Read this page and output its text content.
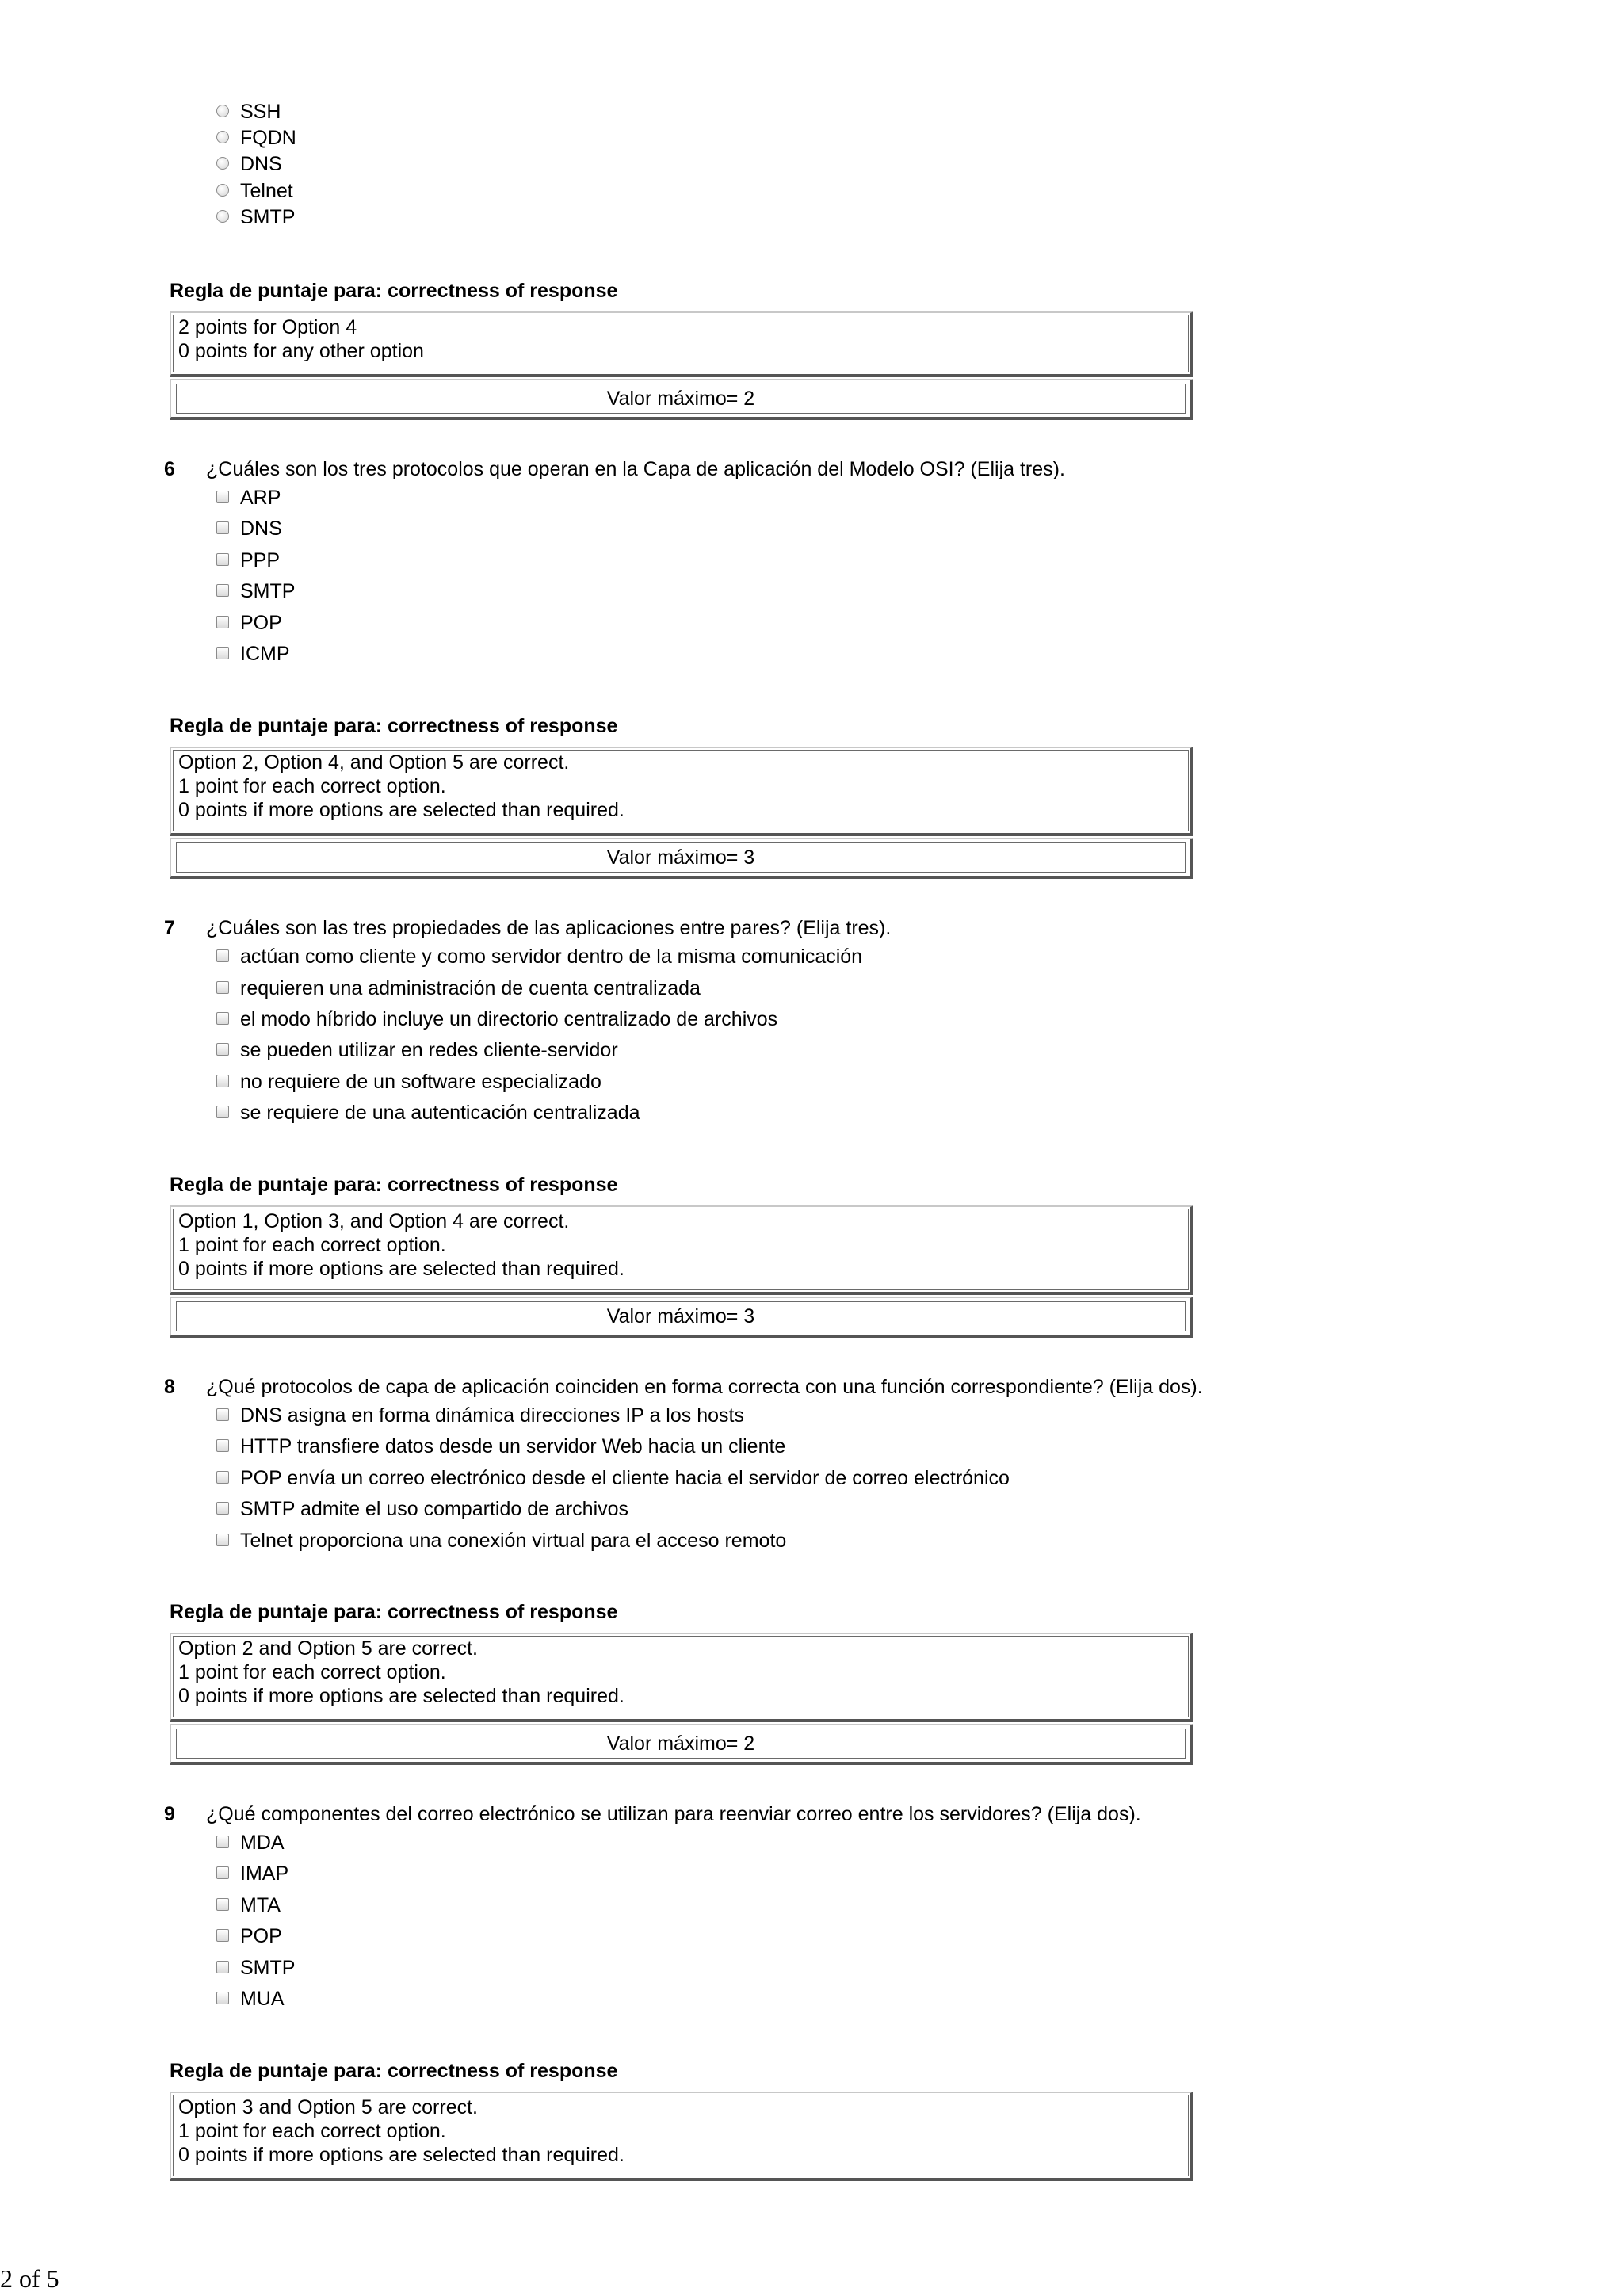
SSH
FQDN
DNS
Telnet
SMTP
Regla de puntaje para: correctness of response
2 points for Option 4
0 points for any other option
Valor máximo= 2
6 ¿Cuáles son los tres protocolos que operan en la Capa de aplicación del Modelo OSI? (Elija tres).
ARP
DNS
PPP
SMTP
POP
ICMP
Regla de puntaje para: correctness of response
Option 2, Option 4, and Option 5 are correct.
1 point for each correct option.
0 points if more options are selected than required.
Valor máximo= 3
7 ¿Cuáles son las tres propiedades de las aplicaciones entre pares? (Elija tres).
actúan como cliente y como servidor dentro de la misma comunicación
requieren una administración de cuenta centralizada
el modo híbrido incluye un directorio centralizado de archivos
se pueden utilizar en redes cliente-servidor
no requiere de un software especializado
se requiere de una autenticación centralizada
Regla de puntaje para: correctness of response
Option 1, Option 3, and Option 4 are correct.
1 point for each correct option.
0 points if more options are selected than required.
Valor máximo= 3
8 ¿Qué protocolos de capa de aplicación coinciden en forma correcta con una función correspondiente? (Elija dos).
DNS asigna en forma dinámica direcciones IP a los hosts
HTTP transfiere datos desde un servidor Web hacia un cliente
POP envía un correo electrónico desde el cliente hacia el servidor de correo electrónico
SMTP admite el uso compartido de archivos
Telnet proporciona una conexión virtual para el acceso remoto
Regla de puntaje para: correctness of response
Option 2 and Option 5 are correct.
1 point for each correct option.
0 points if more options are selected than required.
Valor máximo= 2
9 ¿Qué componentes del correo electrónico se utilizan para reenviar correo entre los servidores? (Elija dos).
MDA
IMAP
MTA
POP
SMTP
MUA
Regla de puntaje para: correctness of response
Option 3 and Option 5 are correct.
1 point for each correct option.
0 points if more options are selected than required.
2 of 5
